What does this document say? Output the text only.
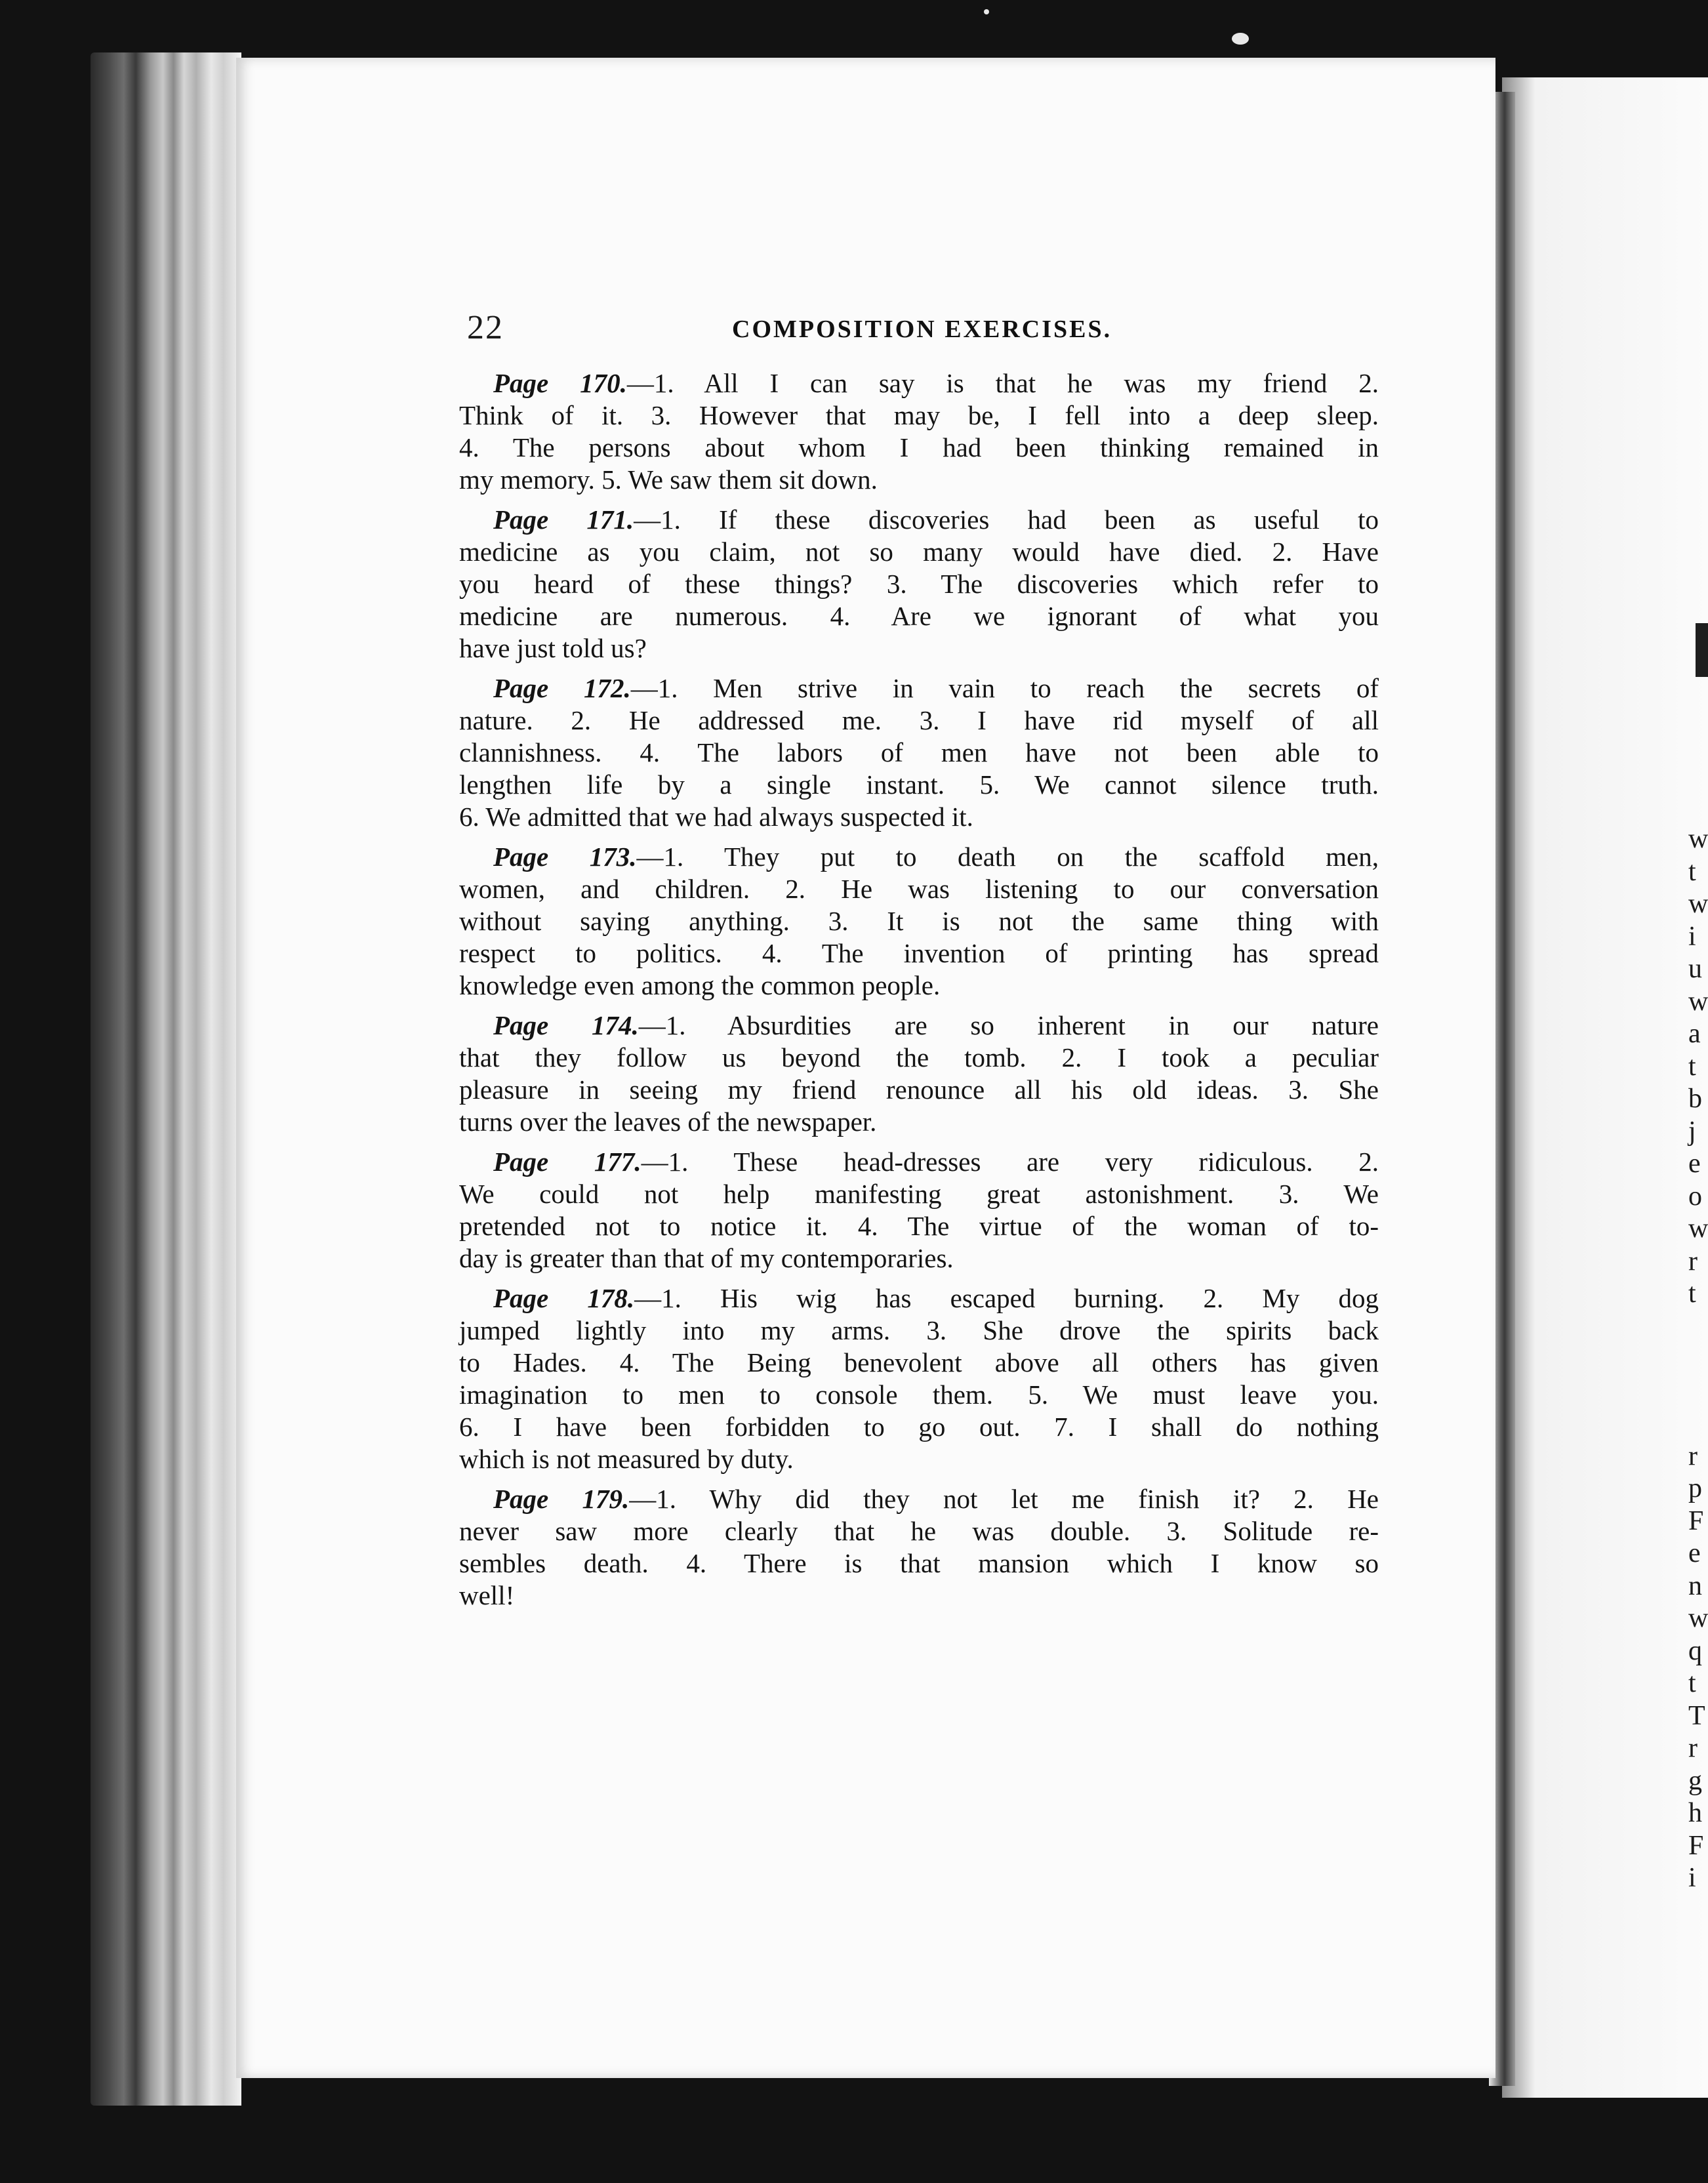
w
t
w
i
u
w
a
t
b
j
e
o
w
r
t
r
p
F
e
n
w
q
t
T
r
g
h
F
i
22	COMPOSITION EXERCISES.
Page 170.—1. All I can say is that he was my friend 2.
Think of it. 3. However that may be, I fell into a deep sleep.
4. The persons about whom I had been thinking remained in
my memory. 5. We saw them sit down.
Page 171.—1. If these discoveries had been as useful to
medicine as you claim, not so many would have died. 2. Have
you heard of these things? 3. The discoveries which refer to
medicine are numerous. 4. Are we ignorant of what you
have just told us?
Page 172.—1. Men strive in vain to reach the secrets of
nature. 2. He addressed me. 3. I have rid myself of all
clannishness. 4. The labors of men have not been able to
lengthen life by a single instant. 5. We cannot silence truth.
6. We admitted that we had always suspected it.
Page 173.—1. They put to death on the scaffold men,
women, and children. 2. He was listening to our conversation
without saying anything. 3. It is not the same thing with
respect to politics. 4. The invention of printing has spread
knowledge even among the common people.
Page 174.—1. Absurdities are so inherent in our nature
that they follow us beyond the tomb. 2. I took a peculiar
pleasure in seeing my friend renounce all his old ideas. 3. She
turns over the leaves of the newspaper.
Page 177.—1. These head-dresses are very ridiculous. 2.
We could not help manifesting great astonishment. 3. We
pretended not to notice it. 4. The virtue of the woman of to-
day is greater than that of my contemporaries.
Page 178.—1. His wig has escaped burning. 2. My dog
jumped lightly into my arms. 3. She drove the spirits back
to Hades. 4. The Being benevolent above all others has given
imagination to men to console them. 5. We must leave you.
6. I have been forbidden to go out. 7. I shall do nothing
which is not measured by duty.
Page 179.—1. Why did they not let me finish it? 2. He
never saw more clearly that he was double. 3. Solitude re-
sembles death. 4. There is that mansion which I know so
well!
